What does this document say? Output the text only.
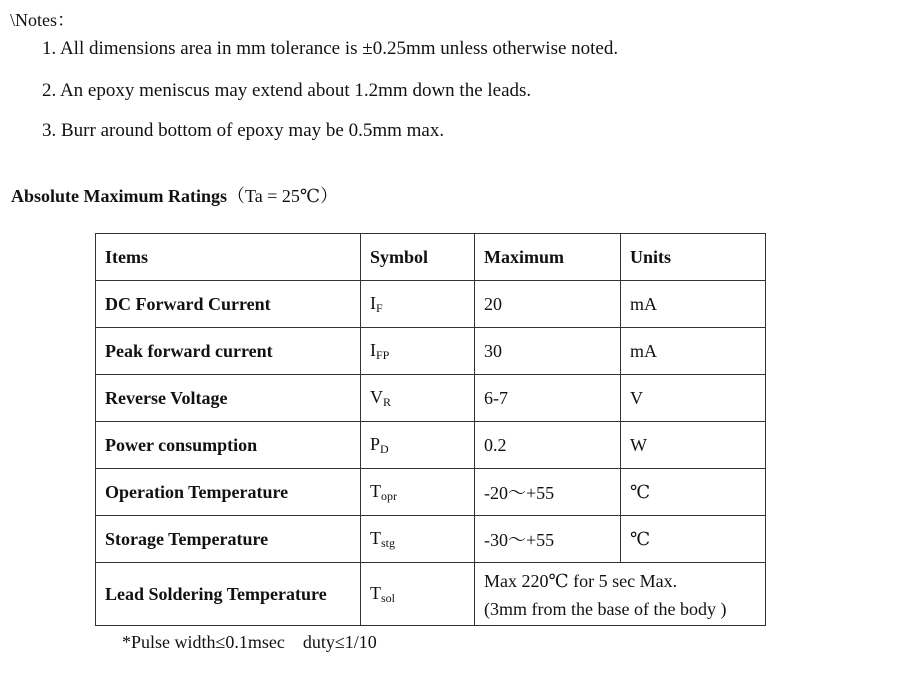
\Notes：
1. All dimensions area in mm tolerance is ±0.25mm unless otherwise noted.
2. An epoxy meniscus may extend about 1.2mm down the leads.
3. Burr around bottom of epoxy may be 0.5mm max.
Absolute Maximum Ratings（Ta = 25℃）
Items	Symbol	Maximum	Units
DC Forward Current	$I_F$	20	mA
Peak forward current	$I_{FP}$	30	mA
Reverse Voltage	$V_R$	6-7	V
Power consumption	$P_D$	0.2	W
Operation Temperature	$T_{opr}$	-20～+55	℃
Storage Temperature	$T_{stg}$	-30～+55	℃
Lead Soldering Temperature	$T_{sol}$	Max 220℃ for 5 sec Max.
(3mm from the base of the body )	
*Pulse width≤0.1msec    duty≤1/10
